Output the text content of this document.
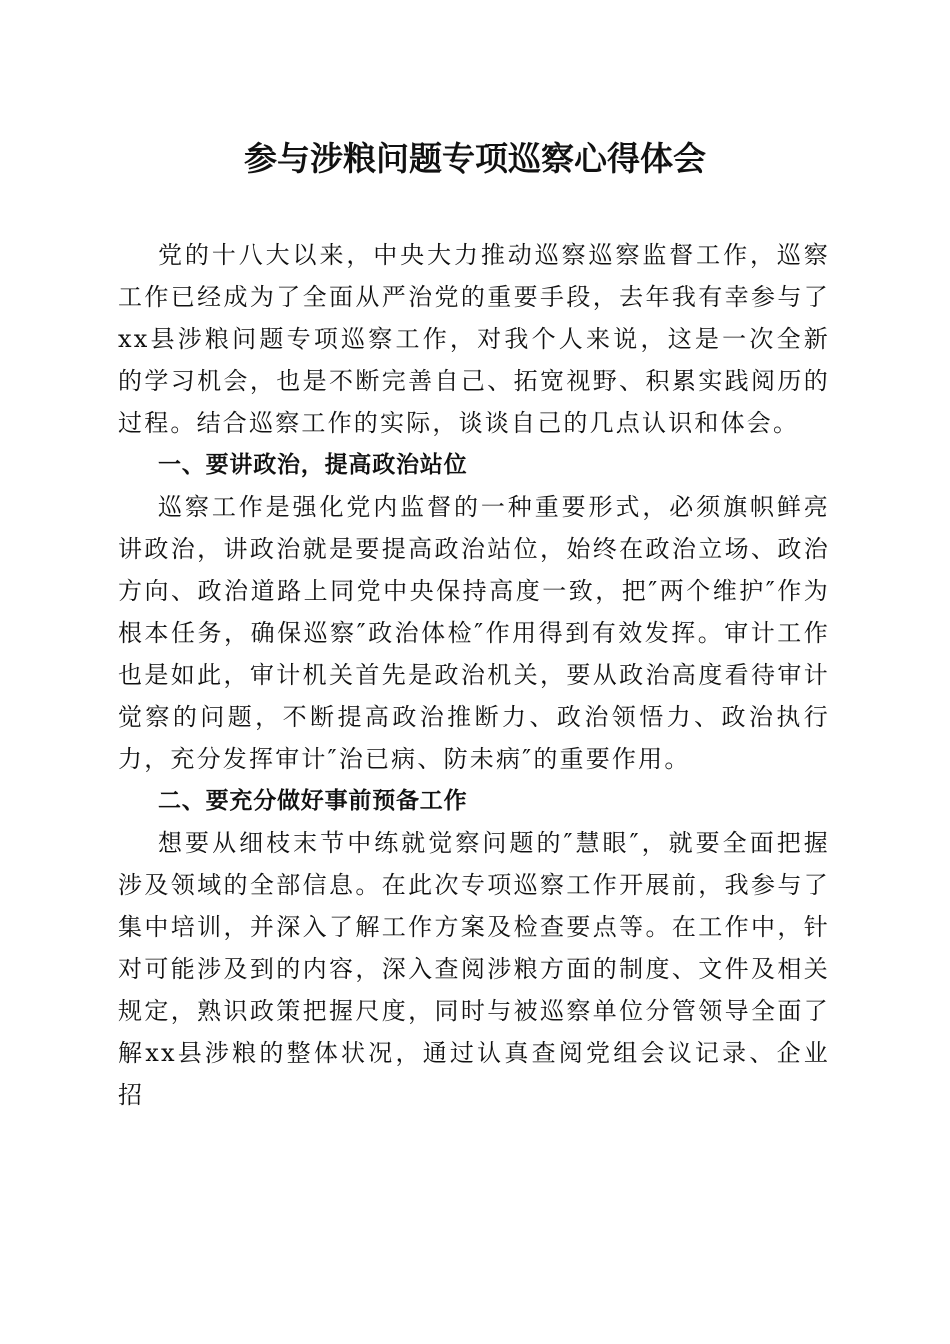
参与涉粮问题专项巡察心得体会

党的十八大以来，中央大力推动巡察巡察监督工作，巡察工作已经成为了全面从严治党的重要手段，去年我有幸参与了xx县涉粮问题专项巡察工作，对我个人来说，这是一次全新的学习机会，也是不断完善自己、拓宽视野、积累实践阅历的过程。结合巡察工作的实际，谈谈自己的几点认识和体会。

一、要讲政治，提高政治站位

巡察工作是强化党内监督的一种重要形式，必须旗帜鲜亮讲政治，讲政治就是要提高政治站位，始终在政治立场、政治方向、政治道路上同党中央保持高度一致，把″两个维护″作为根本任务，确保巡察″政治体检″作用得到有效发挥。审计工作也是如此，审计机关首先是政治机关，要从政治高度看待审计觉察的问题，不断提高政治推断力、政治领悟力、政治执行力，充分发挥审计″治已病、防未病″的重要作用。

二、要充分做好事前预备工作

想要从细枝末节中练就觉察问题的″慧眼″，就要全面把握涉及领域的全部信息。在此次专项巡察工作开展前，我参与了集中培训，并深入了解工作方案及检查要点等。在工作中，针对可能涉及到的内容，深入查阅涉粮方面的制度、文件及相关规定，熟识政策把握尺度，同时与被巡察单位分管领导全面了解xx县涉粮的整体状况，通过认真查阅党组会议记录、企业招
